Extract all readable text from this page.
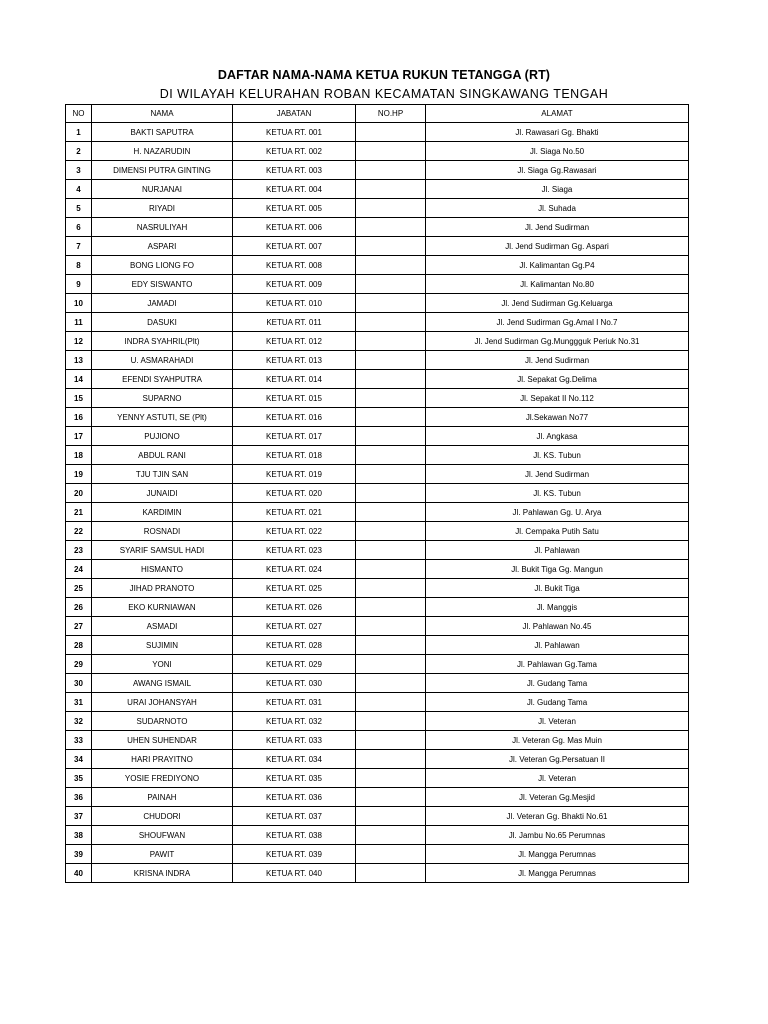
DAFTAR NAMA-NAMA KETUA RUKUN TETANGGA (RT)
DI WILAYAH KELURAHAN ROBAN KECAMATAN SINGKAWANG TENGAH
NO	NAMA	JABATAN	NO.HP	ALAMAT
1	BAKTI SAPUTRA	KETUA RT. 001		Jl. Rawasari Gg. Bhakti
2	H. NAZARUDIN	KETUA RT. 002		Jl. Siaga No.50
3	DIMENSI PUTRA GINTING	KETUA RT. 003		Jl. Siaga Gg.Rawasari
4	NURJANAI	KETUA RT. 004		Jl. Siaga
5	RIYADI	KETUA RT. 005		Jl. Suhada
6	NASRULIYAH	KETUA RT. 006		Jl. Jend Sudirman
7	ASPARI	KETUA RT. 007		Jl. Jend Sudirman Gg. Aspari
8	BONG LIONG FO	KETUA RT. 008		Jl. Kalimantan Gg.P4
9	EDY SISWANTO	KETUA RT. 009		Jl. Kalimantan No.80
10	JAMADI	KETUA RT. 010		Jl. Jend Sudirman Gg.Keluarga
11	DASUKI	KETUA RT. 011		Jl. Jend Sudirman Gg.Amal I No.7
12	INDRA SYAHRIL(Plt)	KETUA RT. 012		Jl. Jend Sudirman Gg.Munggguk Periuk No.31
13	U. ASMARAHADI	KETUA RT. 013		Jl. Jend Sudirman
14	EFENDI SYAHPUTRA	KETUA RT. 014		Jl. Sepakat Gg.Delima
15	SUPARNO	KETUA RT. 015		Jl. Sepakat II No.112
16	YENNY ASTUTI, SE (Plt)	KETUA RT. 016		Jl.Sekawan No77
17	PUJIONO	KETUA RT. 017		Jl. Angkasa
18	ABDUL RANI	KETUA RT. 018		Jl. KS. Tubun
19	TJU TJIN SAN	KETUA RT. 019		Jl. Jend Sudirman
20	JUNAIDI	KETUA RT. 020		Jl. KS. Tubun
21	KARDIMIN	KETUA RT. 021		Jl. Pahlawan Gg. U. Arya
22	ROSNADI	KETUA RT. 022		Jl. Cempaka Putih Satu
23	SYARIF SAMSUL HADI	KETUA RT. 023		Jl. Pahlawan
24	HISMANTO	KETUA RT. 024		Jl. Bukit Tiga Gg. Mangun
25	JIHAD PRANOTO	KETUA RT. 025		Jl. Bukit Tiga
26	EKO KURNIAWAN	KETUA RT. 026		Jl. Manggis
27	ASMADI	KETUA RT. 027		Jl. Pahlawan No.45
28	SUJIMIN	KETUA RT. 028		Jl. Pahlawan
29	YONI	KETUA RT. 029		Jl. Pahlawan Gg.Tama
30	AWANG ISMAIL	KETUA RT. 030		Jl. Gudang Tama
31	URAI JOHANSYAH	KETUA RT. 031		Jl. Gudang Tama
32	SUDARNOTO	KETUA RT. 032		Jl. Veteran
33	UHEN SUHENDAR	KETUA RT. 033		Jl. Veteran Gg. Mas Muin
34	HARI PRAYITNO	KETUA RT. 034		Jl. Veteran Gg.Persatuan II
35	YOSIE FREDIYONO	KETUA RT. 035		Jl. Veteran
36	PAINAH	KETUA RT. 036		Jl. Veteran Gg.Mesjid
37	CHUDORI	KETUA RT. 037		Jl. Veteran Gg. Bhakti No.61
38	SHOUFWAN	KETUA RT. 038		Jl. Jambu No.65 Perumnas
39	PAWIT	KETUA RT. 039		Jl. Mangga Perumnas
40	KRISNA INDRA	KETUA RT. 040		Jl. Mangga Perumnas
